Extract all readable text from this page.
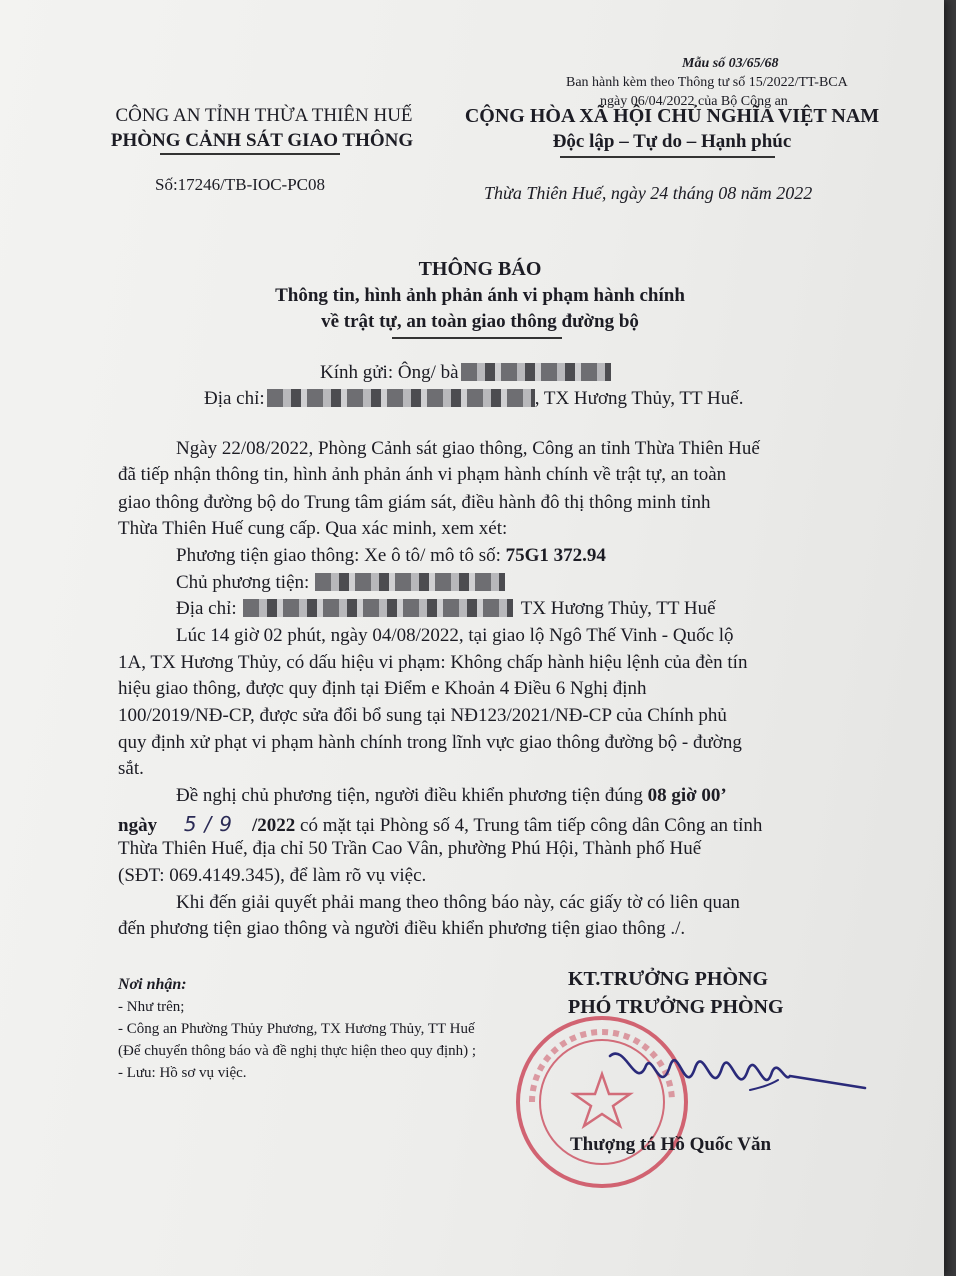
Mẫu số 03/65/68
Ban hành kèm theo Thông tư số 15/2022/TT-BCA
ngày 06/04/2022 của Bộ Công an
CÔNG AN TỈNH THỪA THIÊN HUẾ
PHÒNG CẢNH SÁT GIAO THÔNG
CỘNG HÒA XÃ HỘI CHỦ NGHĨA VIỆT NAM
Độc lập – Tự do – Hạnh phúc
Số:17246/TB-IOC-PC08	Thừa Thiên Huế, ngày 24 tháng 08 năm 2022
THÔNG BÁO
Thông tin, hình ảnh phản ánh vi phạm hành chính
về trật tự, an toàn giao thông đường bộ
Kính gửi: Ông/ bà
Địa chỉ:	, TX Hương Thủy, TT Huế.
Ngày 22/08/2022, Phòng Cảnh sát giao thông, Công an tỉnh Thừa Thiên Huế
đã tiếp nhận thông tin, hình ảnh phản ánh vi phạm hành chính về trật tự, an toàn
giao thông đường bộ do Trung tâm giám sát, điều hành đô thị thông minh tỉnh
Thừa Thiên Huế cung cấp. Qua xác minh, xem xét:
Phương tiện giao thông: Xe ô tô/ mô tô số: 75G1 372.94
Chủ phương tiện:
Địa chỉ:	TX Hương Thủy, TT Huế
Lúc 14 giờ 02 phút, ngày 04/08/2022, tại giao lộ Ngô Thế Vinh - Quốc lộ
1A, TX Hương Thủy, có dấu hiệu vi phạm: Không chấp hành hiệu lệnh của đèn tín
hiệu giao thông, được quy định tại Điểm e Khoản 4 Điều 6 Nghị định
100/2019/NĐ-CP, được sửa đổi bổ sung tại NĐ123/2021/NĐ-CP của Chính phủ
quy định xử phạt vi phạm hành chính trong lĩnh vực giao thông đường bộ - đường
sắt.
Đề nghị chủ phương tiện, người điều khiển phương tiện đúng 08 giờ 00’
ngày 5/9 /2022 có mặt tại Phòng số 4, Trung tâm tiếp công dân Công an tỉnh
Thừa Thiên Huế, địa chỉ 50 Trần Cao Vân, phường Phú Hội, Thành phố Huế
(SĐT: 069.4149.345), để làm rõ vụ việc.
Khi đến giải quyết phải mang theo thông báo này, các giấy tờ có liên quan
đến phương tiện giao thông và người điều khiển phương tiện giao thông ./.
Nơi nhận:
- Như trên;
- Công an Phường Thủy Phương, TX Hương Thủy, TT Huế (Để chuyển thông báo và đề nghị thực hiện theo quy định) ;
- Lưu: Hồ sơ vụ việc.
KT.TRƯỞNG PHÒNG
PHÓ TRƯỞNG PHÒNG
Thượng tá Hồ Quốc Văn
